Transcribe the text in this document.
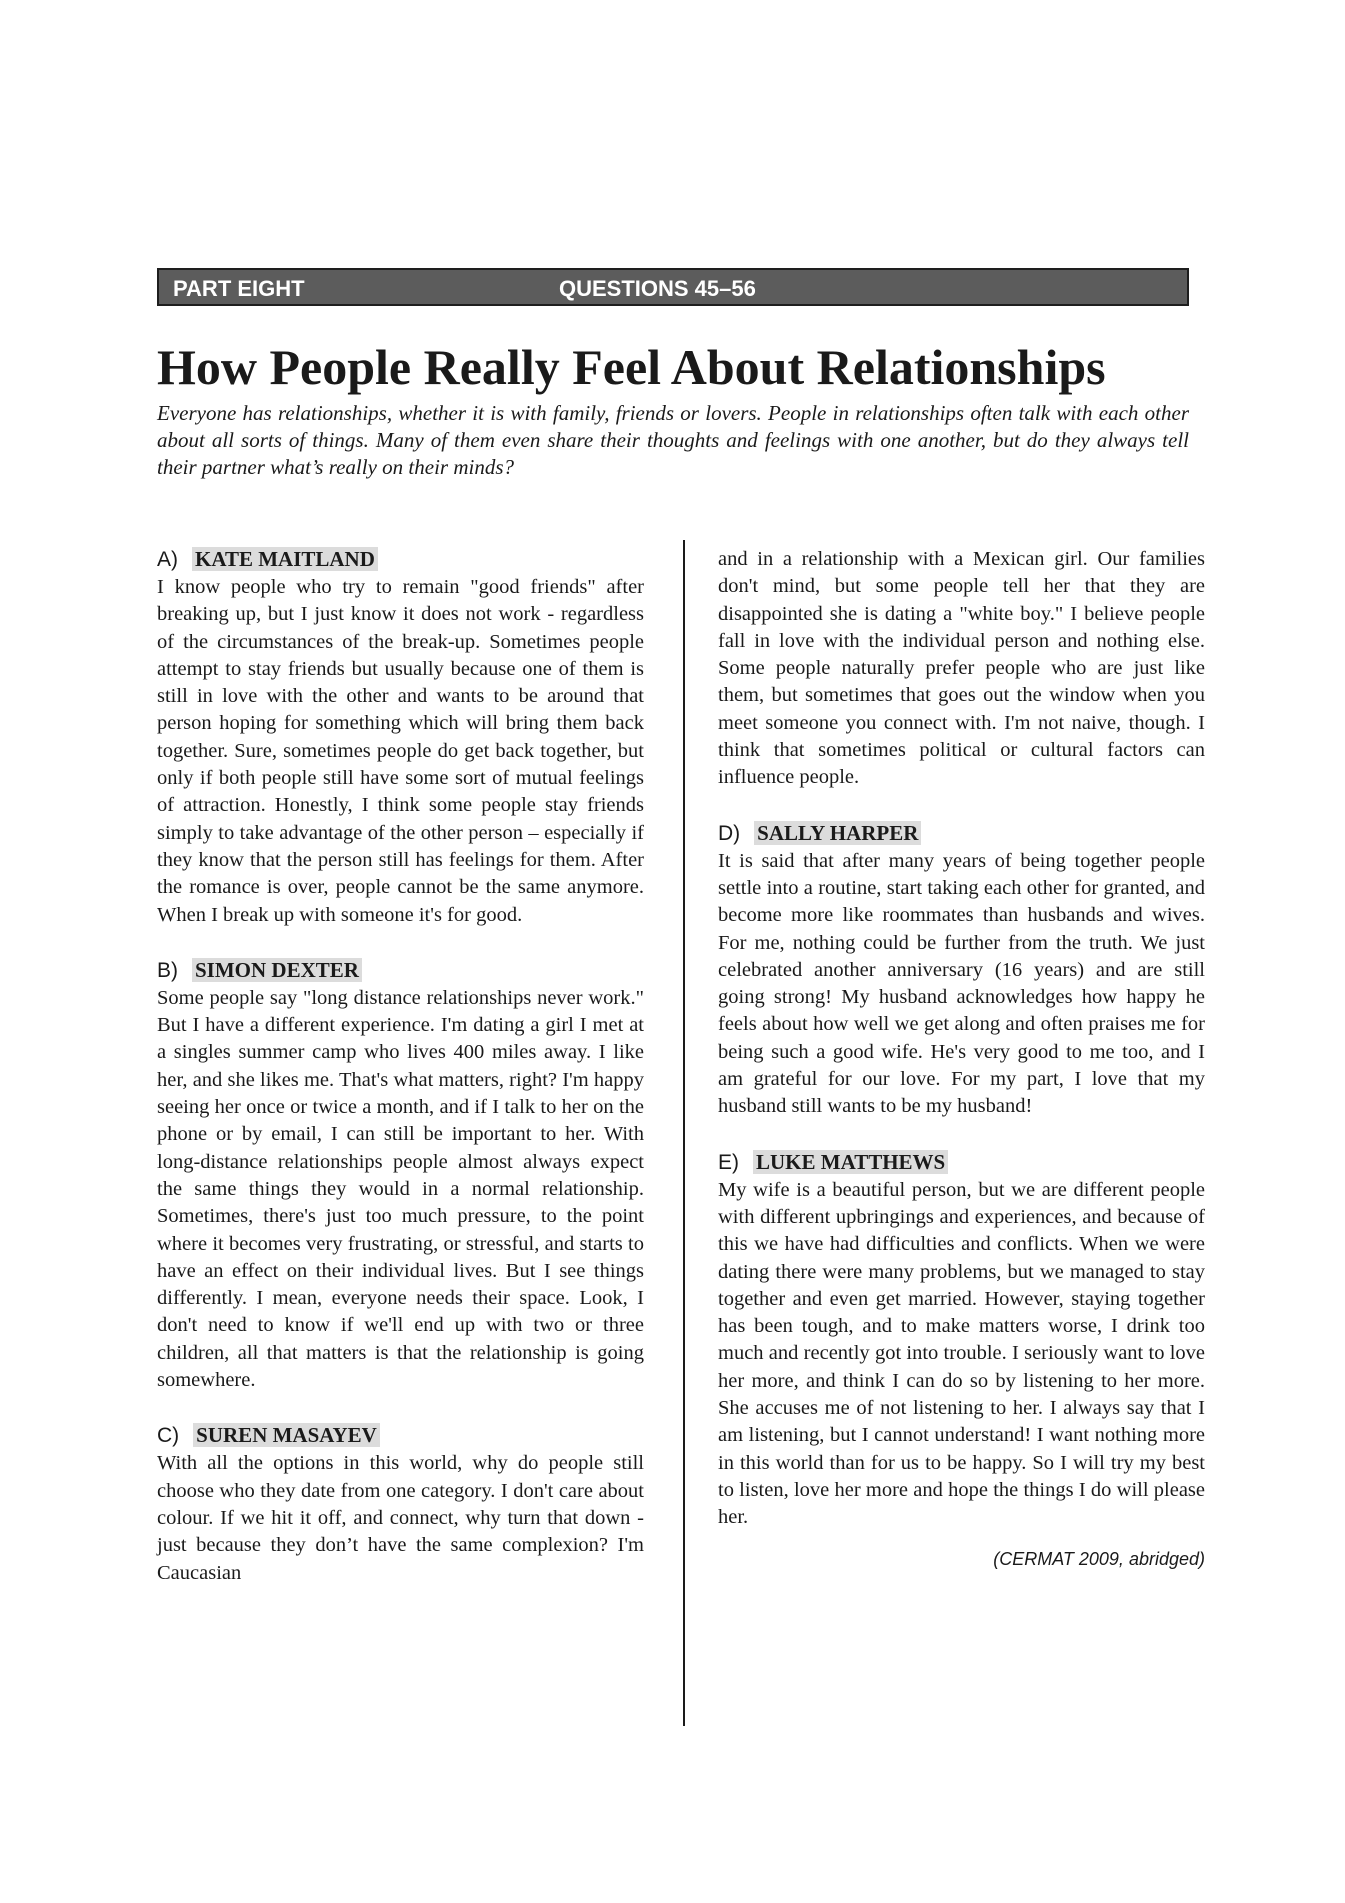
PART EIGHT	QUESTIONS 45–56
How People Really Feel About Relationships

Everyone has relationships, whether it is with family, friends or lovers. People in relationships often talk with each other about all sorts of things. Many of them even share their thoughts and feelings with one another, but do they always tell their partner what’s really on their minds?

A) KATE MAITLAND

I know people who try to remain "good friends" after breaking up, but I just know it does not work - regardless of the circumstances of the break-up. Sometimes people attempt to stay friends but usually because one of them is still in love with the other and wants to be around that person hoping for something which will bring them back together. Sure, sometimes people do get back together, but only if both people still have some sort of mutual feelings of attraction. Honestly, I think some people stay friends simply to take advantage of the other person – especially if they know that the person still has feelings for them. After the romance is over, people cannot be the same anymore. When I break up with someone it's for good.

B) SIMON DEXTER

Some people say "long distance relationships never work." But I have a different experience. I'm dating a girl I met at a singles summer camp who lives 400 miles away. I like her, and she likes me. That's what matters, right? I'm happy seeing her once or twice a month, and if I talk to her on the phone or by email, I can still be important to her. With long-distance relationships people almost always expect the same things they would in a normal relationship. Sometimes, there's just too much pressure, to the point where it becomes very frustrating, or stressful, and starts to have an effect on their individual lives. But I see things differently. I mean, everyone needs their space. Look, I don't need to know if we'll end up with two or three children, all that matters is that the relationship is going somewhere.

C) SUREN MASAYEV

With all the options in this world, why do people still choose who they date from one category. I don't care about colour. If we hit it off, and connect, why turn that down - just because they don’t have the same complexion? I'm Caucasian

and in a relationship with a Mexican girl. Our families don't mind, but some people tell her that they are disappointed she is dating a "white boy." I believe people fall in love with the individual person and nothing else. Some people naturally prefer people who are just like them, but sometimes that goes out the window when you meet someone you connect with. I'm not naive, though. I think that sometimes political or cultural factors can influence people.

D) SALLY HARPER

It is said that after many years of being together people settle into a routine, start taking each other for granted, and become more like roommates than husbands and wives. For me, nothing could be further from the truth. We just celebrated another anniversary (16 years) and are still going strong! My husband acknowledges how happy he feels about how well we get along and often praises me for being such a good wife. He's very good to me too, and I am grateful for our love. For my part, I love that my husband still wants to be my husband!

E) LUKE MATTHEWS

My wife is a beautiful person, but we are different people with different upbringings and experiences, and because of this we have had difficulties and conflicts. When we were dating there were many problems, but we managed to stay together and even get married. However, staying together has been tough, and to make matters worse, I drink too much and recently got into trouble. I seriously want to love her more, and think I can do so by listening to her more. She accuses me of not listening to her. I always say that I am listening, but I cannot understand! I want nothing more in this world than for us to be happy. So I will try my best to listen, love her more and hope the things I do will please her.

(CERMAT 2009, abridged)
